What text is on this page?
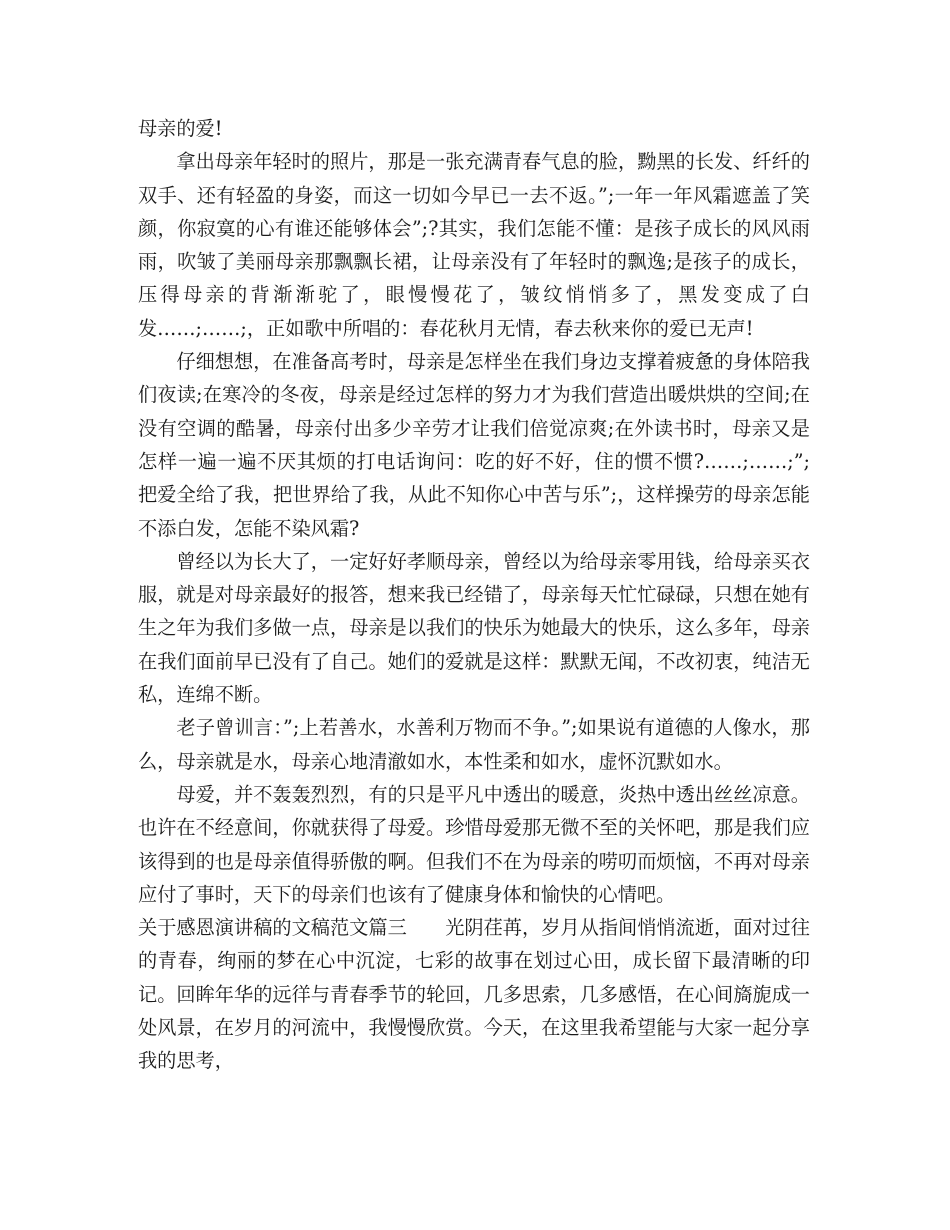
母亲的爱!

拿出母亲年轻时的照片，那是一张充满青春气息的脸，黝黑的长发、纤纤的双手、还有轻盈的身姿，而这一切如今早已一去不返。”;一年一年风霜遮盖了笑颜，你寂寞的心有谁还能够体会”;?其实，我们怎能不懂：是孩子成长的风风雨雨，吹皱了美丽母亲那飘飘长裙，让母亲没有了年轻时的飘逸;是孩子的成长，压得母亲的背渐渐驼了，眼慢慢花了，皱纹悄悄多了，黑发变成了白发……;……;，正如歌中所唱的：春花秋月无情，春去秋来你的爱已无声!

仔细想想，在准备高考时，母亲是怎样坐在我们身边支撑着疲惫的身体陪我们夜读;在寒冷的冬夜，母亲是经过怎样的努力才为我们营造出暖烘烘的空间;在没有空调的酷暑，母亲付出多少辛劳才让我们倍觉凉爽;在外读书时，母亲又是怎样一遍一遍不厌其烦的打电话询问：吃的好不好，住的惯不惯?……;……;”;把爱全给了我，把世界给了我，从此不知你心中苦与乐”;，这样操劳的母亲怎能不添白发，怎能不染风霜?

曾经以为长大了，一定好好孝顺母亲，曾经以为给母亲零用钱，给母亲买衣服，就是对母亲最好的报答，想来我已经错了，母亲每天忙忙碌碌，只想在她有生之年为我们多做一点，母亲是以我们的快乐为她最大的快乐，这么多年，母亲在我们面前早已没有了自己。她们的爱就是这样：默默无闻，不改初衷，纯洁无私，连绵不断。

老子曾训言：”;上若善水，水善利万物而不争。”;如果说有道德的人像水，那么，母亲就是水，母亲心地清澈如水，本性柔和如水，虚怀沉默如水。

母爱，并不轰轰烈烈，有的只是平凡中透出的暖意，炎热中透出丝丝凉意。也许在不经意间，你就获得了母爱。珍惜母爱那无微不至的关怀吧，那是我们应该得到的也是母亲值得骄傲的啊。但我们不在为母亲的唠叨而烦恼，不再对母亲应付了事时，天下的母亲们也该有了健康身体和愉快的心情吧。

关于感恩演讲稿的文稿范文篇三　　光阴荏苒，岁月从指间悄悄流逝，面对过往的青春，绚丽的梦在心中沉淀，七彩的故事在划过心田，成长留下最清晰的印记。回眸年华的远徉与青春季节的轮回，几多思索，几多感悟，在心间旖旎成一处风景，在岁月的河流中，我慢慢欣赏。今天，在这里我希望能与大家一起分享我的思考，
